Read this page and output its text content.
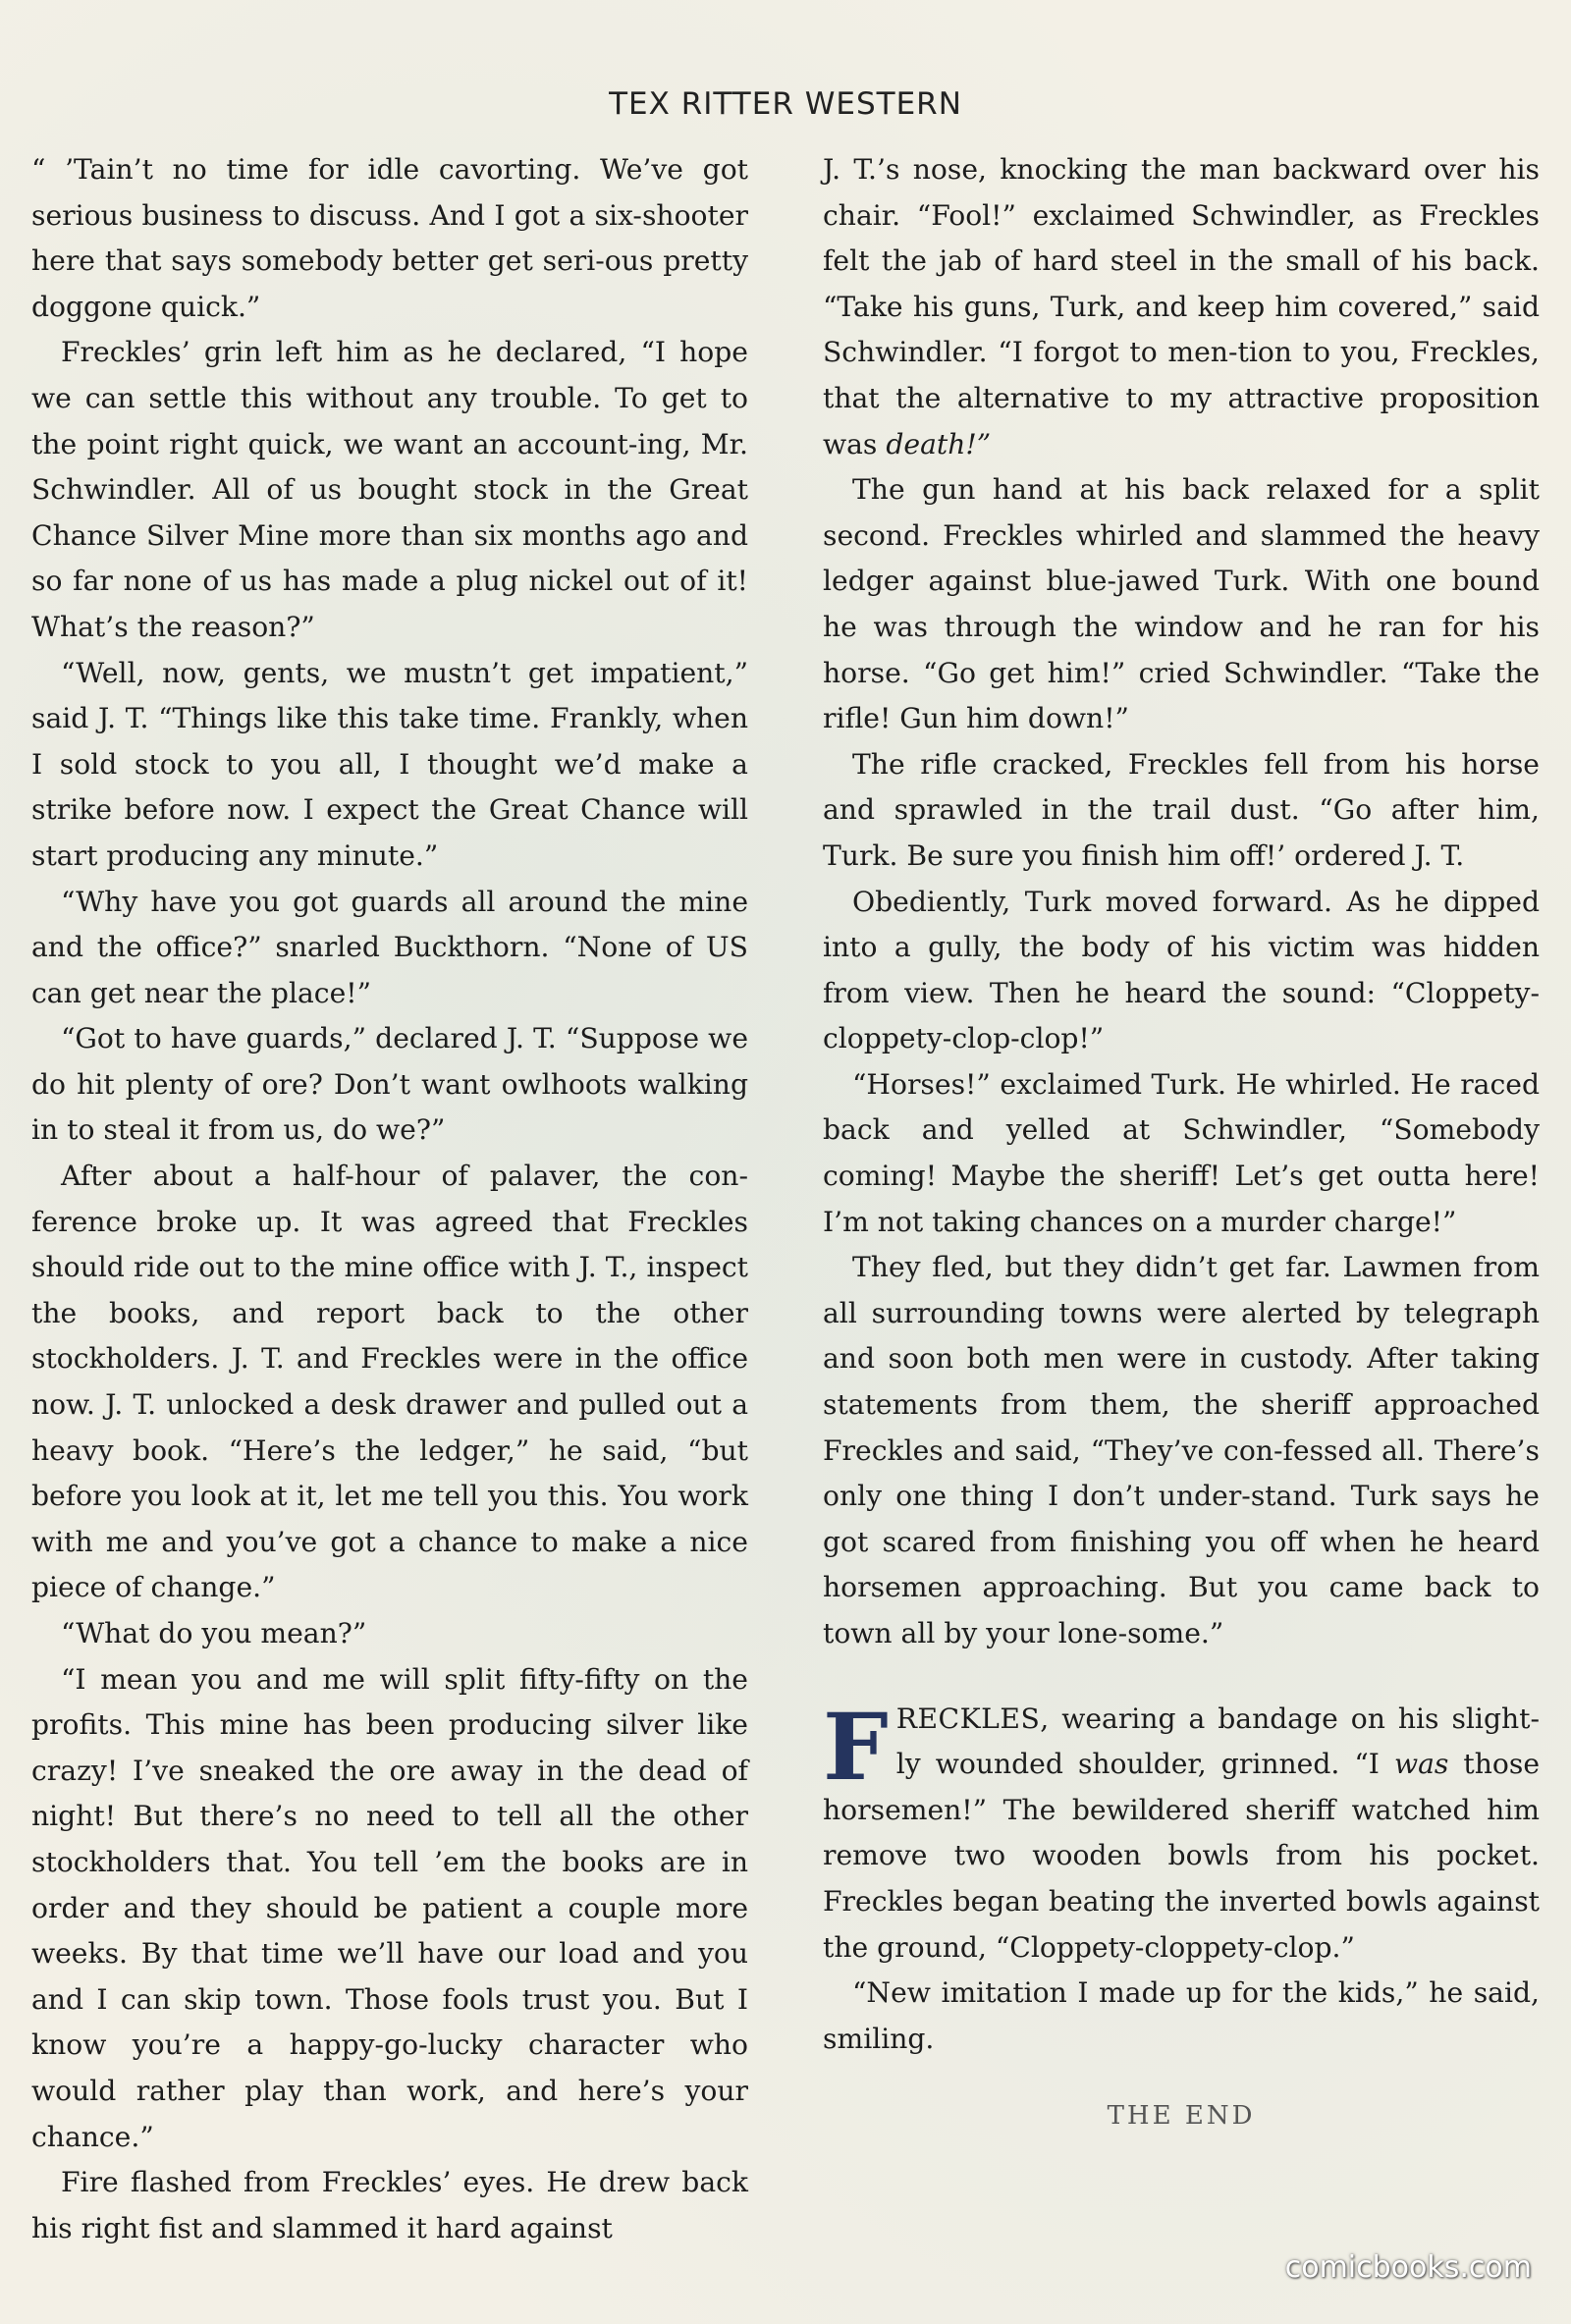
TEX RITTER WESTERN

“ ’Tain’t no time for idle cavorting. We’ve got serious business to discuss. And I got a six-shooter here that says somebody better get seri-ous pretty doggone quick.”

Freckles’ grin left him as he declared, “I hope we can settle this without any trouble. To get to the point right quick, we want an account-ing, Mr. Schwindler. All of us bought stock in the Great Chance Silver Mine more than six months ago and so far none of us has made a plug nickel out of it! What’s the reason?”

“Well, now, gents, we mustn’t get impatient,” said J. T. “Things like this take time. Frankly, when I sold stock to you all, I thought we’d make a strike before now. I expect the Great Chance will start producing any minute.”

“Why have you got guards all around the mine and the office?” snarled Buckthorn. “None of US can get near the place!”

“Got to have guards,” declared J. T. “Suppose we do hit plenty of ore? Don’t want owlhoots walking in to steal it from us, do we?”

After about a half-hour of palaver, the con-ference broke up. It was agreed that Freckles should ride out to the mine office with J. T., inspect the books, and report back to the other stockholders. J. T. and Freckles were in the office now. J. T. unlocked a desk drawer and pulled out a heavy book. “Here’s the ledger,” he said, “but before you look at it, let me tell you this. You work with me and you’ve got a chance to make a nice piece of change.”

“What do you mean?”

“I mean you and me will split fifty-fifty on the profits. This mine has been producing silver like crazy! I’ve sneaked the ore away in the dead of night! But there’s no need to tell all the other stockholders that. You tell ’em the books are in order and they should be patient a couple more weeks. By that time we’ll have our load and you and I can skip town. Those fools trust you. But I know you’re a happy-go-lucky character who would rather play than work, and here’s your chance.”

Fire flashed from Freckles’ eyes. He drew back his right fist and slammed it hard against

J. T.’s nose, knocking the man backward over his chair. “Fool!” exclaimed Schwindler, as Freckles felt the jab of hard steel in the small of his back. “Take his guns, Turk, and keep him covered,” said Schwindler. “I forgot to men-tion to you, Freckles, that the alternative to my attractive proposition was death!”

The gun hand at his back relaxed for a split second. Freckles whirled and slammed the heavy ledger against blue-jawed Turk. With one bound he was through the window and he ran for his horse. “Go get him!” cried Schwindler. “Take the rifle! Gun him down!”

The rifle cracked, Freckles fell from his horse and sprawled in the trail dust. “Go after him, Turk. Be sure you finish him off!’ ordered J. T.

Obediently, Turk moved forward. As he dipped into a gully, the body of his victim was hidden from view. Then he heard the sound: “Cloppety-cloppety-clop-clop!”

“Horses!” exclaimed Turk. He whirled. He raced back and yelled at Schwindler, “Somebody coming! Maybe the sheriff! Let’s get outta here! I’m not taking chances on a murder charge!”

They fled, but they didn’t get far. Lawmen from all surrounding towns were alerted by telegraph and soon both men were in custody. After taking statements from them, the sheriff approached Freckles and said, “They’ve con-fessed all. There’s only one thing I don’t under-stand. Turk says he got scared from finishing you off when he heard horsemen approaching. But you came back to town all by your lone-some.”

FRECKLES, wearing a bandage on his slight-ly wounded shoulder, grinned. “I was those horsemen!” The bewildered sheriff watched him remove two wooden bowls from his pocket. Freckles began beating the inverted bowls against the ground, “Cloppety-cloppety-clop.”

“New imitation I made up for the kids,” he said, smiling.

THE END
comicbooks.com
